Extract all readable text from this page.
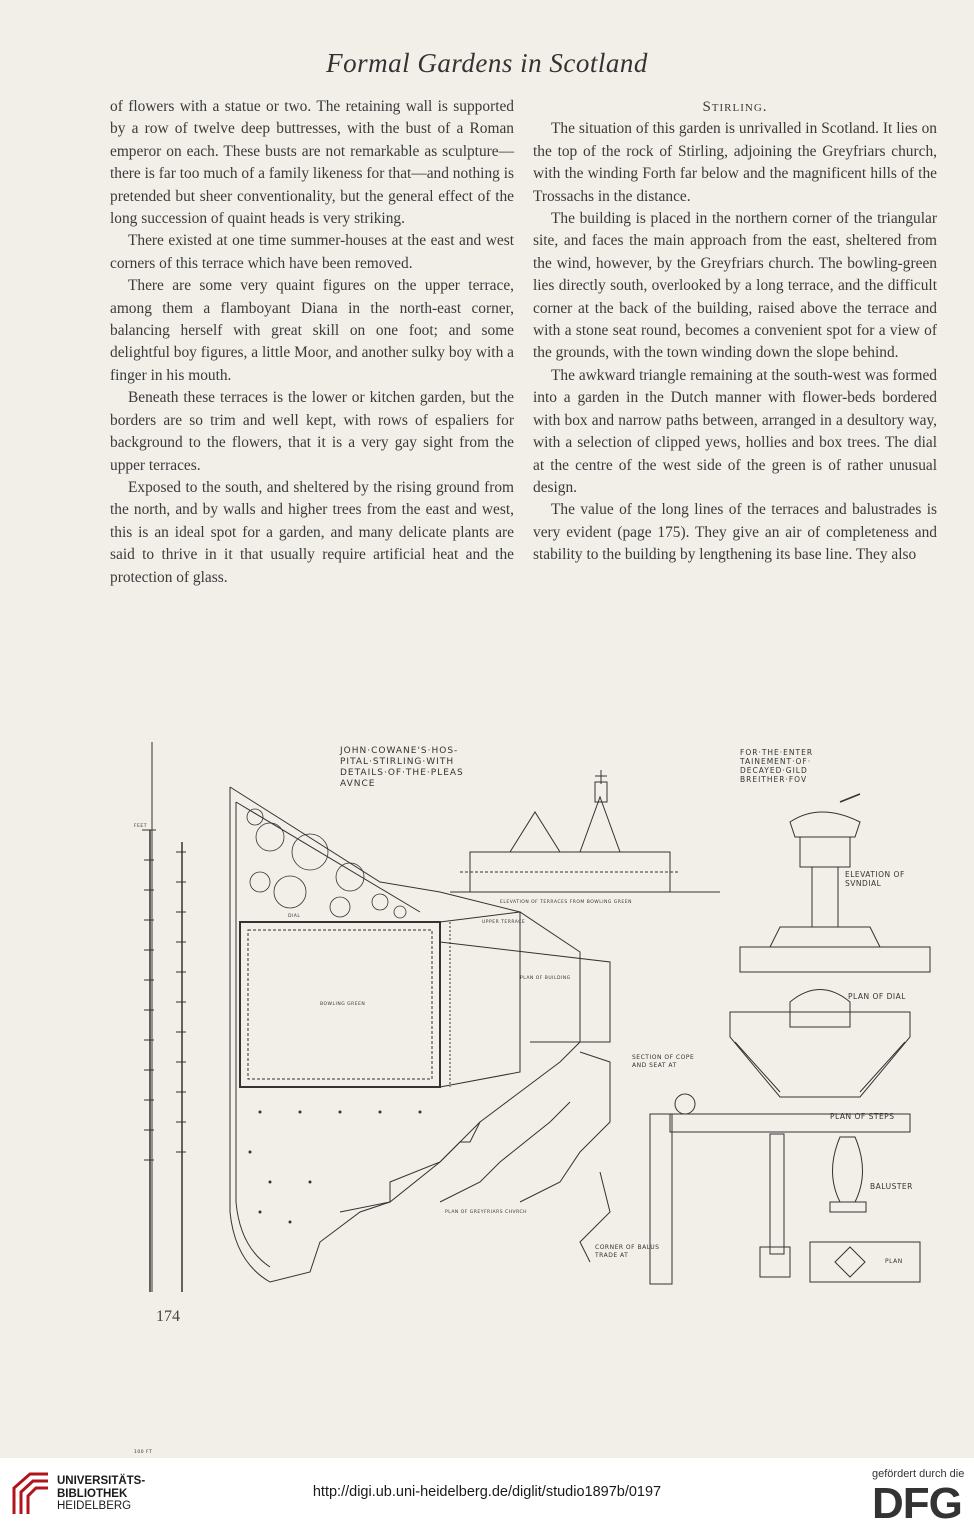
Formal Gardens in Scotland

of flowers with a statue or two. The retaining wall is supported by a row of twelve deep buttresses, with the bust of a Roman emperor on each. These busts are not remarkable as sculpture—there is far too much of a family likeness for that—and nothing is pretended but sheer conventionality, but the general effect of the long succession of quaint heads is very striking.

There existed at one time summer-houses at the east and west corners of this terrace which have been removed.

There are some very quaint figures on the upper terrace, among them a flamboyant Diana in the north-east corner, balancing herself with great skill on one foot; and some delightful boy figures, a little Moor, and another sulky boy with a finger in his mouth.

Beneath these terraces is the lower or kitchen garden, but the borders are so trim and well kept, with rows of espaliers for background to the flowers, that it is a very gay sight from the upper terraces.

Exposed to the south, and sheltered by the rising ground from the north, and by walls and higher trees from the east and west, this is an ideal spot for a garden, and many delicate plants are said to thrive in it that usually require artificial heat and the protection of glass.

Stirling.

The situation of this garden is unrivalled in Scotland. It lies on the top of the rock of Stirling, adjoining the Greyfriars church, with the winding Forth far below and the magnificent hills of the Trossachs in the distance.

The building is placed in the northern corner of the triangular site, and faces the main approach from the east, sheltered from the wind, however, by the Greyfriars church. The bowling-green lies directly south, overlooked by a long terrace, and the difficult corner at the back of the building, raised above the terrace and with a stone seat round, becomes a convenient spot for a view of the grounds, with the town winding down the slope behind.

The awkward triangle remaining at the south-west was formed into a garden in the Dutch manner with flower-beds bordered with box and narrow paths between, arranged in a desultory way, with a selection of clipped yews, hollies and box trees. The dial at the centre of the west side of the green is of rather unusual design.

The value of the long lines of the terraces and balustrades is very evident (page 175). They give an air of completeness and stability to the building by lengthening its base line. They also

JOHN·COWANE'S·HOS-
PITAL·STIRLING·WITH
DETAILS·OF·THE·PLEAS
AVNCE
FOR·THE·ENTER
TAINEMENT·OF·
DECAYED·GILD
BREITHER·FOV
ELEVATION OF TERRACES FROM BOWLING GREEN
ELEVATION OF
SVNDIAL
PLAN OF DIAL
PLAN OF STEPS
BALUSTER
PLAN
SECTION OF COPE
AND SEAT AT
CORNER OF BALUS
TRADE AT
PLAN OF BUILDING
BOWLING GREEN
PLAN OF GREYFRIARS CHVRCH
UPPER TERRACE
DIAL
FEET
100 FT
174
UNIVERSITÄTS-
BIBLIOTHEK
HEIDELBERG
http://digi.ub.uni-heidelberg.de/diglit/studio1897b/0197
gefördert durch die
DFG
